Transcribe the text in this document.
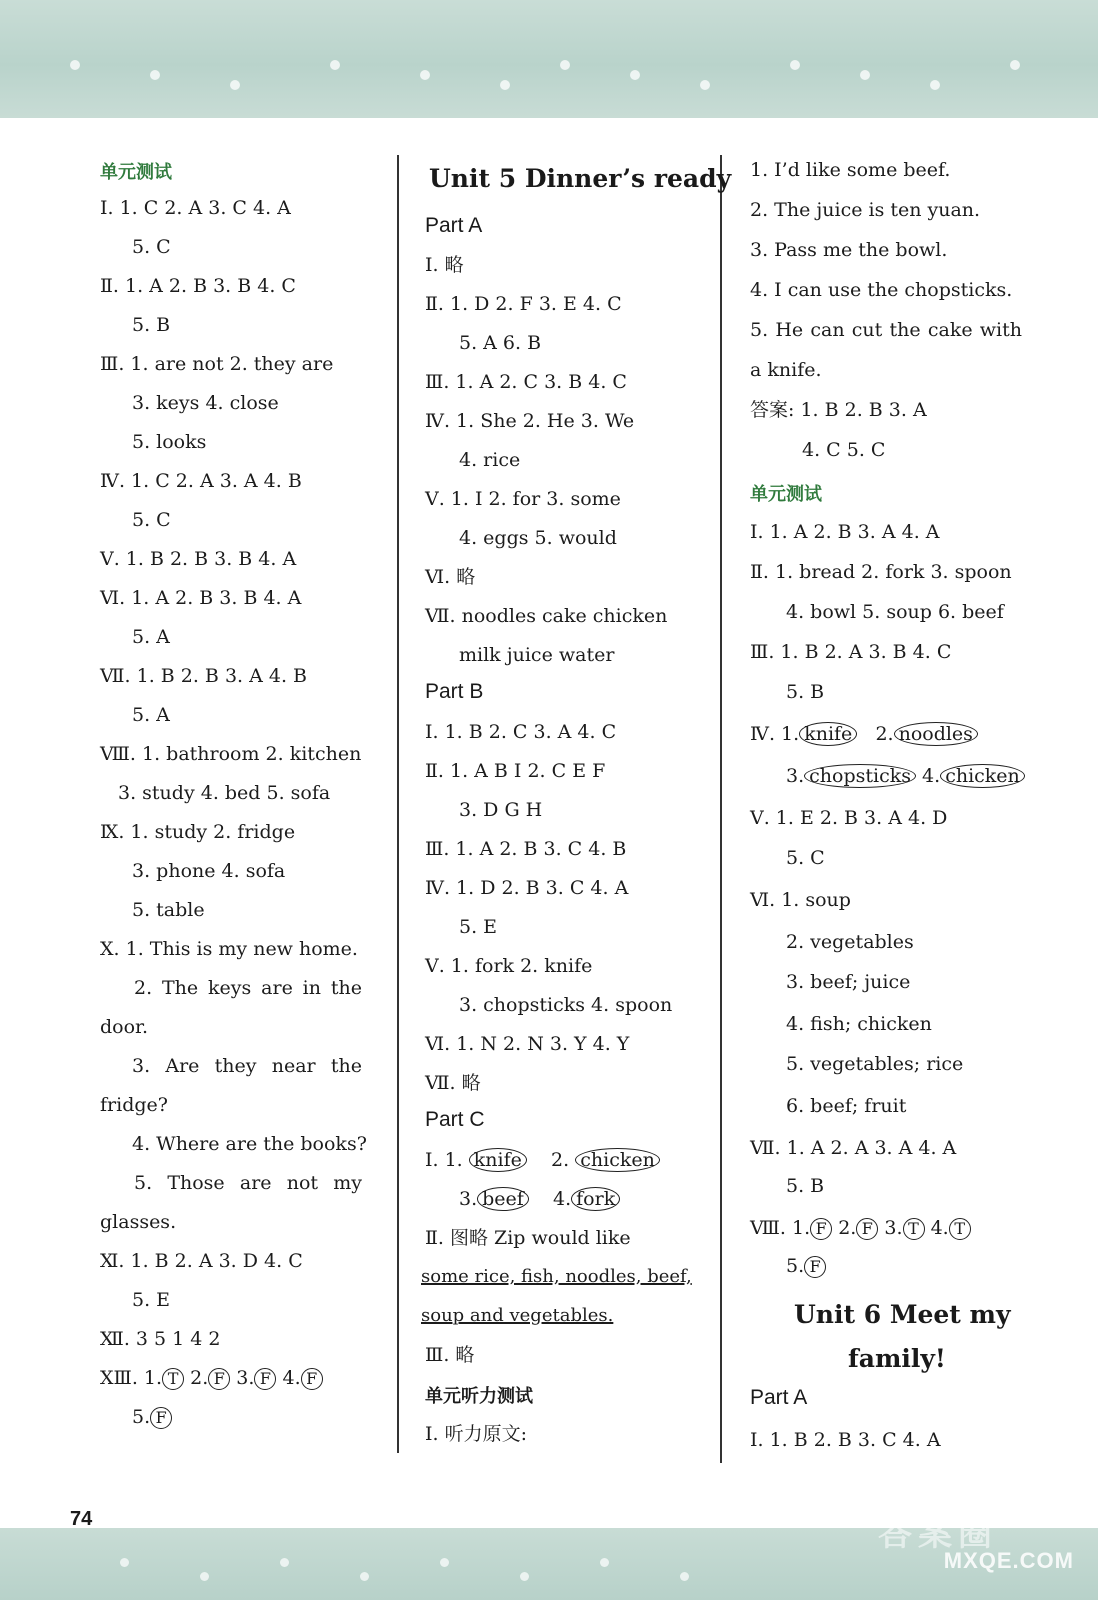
答案圈
MXQE.COM
74
单元测试
Ⅰ. 1. C 2. A 3. C 4. A
5. C
Ⅱ. 1. A 2. B 3. B 4. C
5. B
Ⅲ. 1. are not 2. they are
3. keys 4. close
5. looks
Ⅳ. 1. C 2. A 3. A 4. B
5. C
Ⅴ. 1. B 2. B 3. B 4. A
Ⅵ. 1. A 2. B 3. B 4. A
5. A
Ⅶ. 1. B 2. B 3. A 4. B
5. A
Ⅷ. 1. bathroom 2. kitchen
3. study 4. bed 5. sofa
Ⅸ. 1. study 2. fridge
3. phone 4. sofa
5. table
Ⅹ. 1. This is my new home.
2. The keys are in the
door.
3. Are they near the
fridge?
4. Where are the books?
5. Those are not my
glasses.
Ⅺ. 1. B 2. A 3. D 4. C
5. E
Ⅻ. 3 5 1 4 2
ⅩⅢ. 1. T 2. F 3. F 4. F
5. F
Unit 5 Dinner’s ready
Part A
Ⅰ. 略
Ⅱ. 1. D 2. F 3. E 4. C
5. A 6. B
Ⅲ. 1. A 2. C 3. B 4. C
Ⅳ. 1. She 2. He 3. We
4. rice
Ⅴ. 1. I 2. for 3. some
4. eggs 5. would
Ⅵ. 略
Ⅶ. noodles cake chicken
milk juice water
Part B
Ⅰ. 1. B 2. C 3. A 4. C
Ⅱ. 1. A B I 2. C E F
3. D G H
Ⅲ. 1. A 2. B 3. C 4. B
Ⅳ. 1. D 2. B 3. C 4. A
5. E
Ⅴ. 1. fork 2. knife
3. chopsticks 4. spoon
Ⅵ. 1. N 2. N 3. Y 4. Y
Ⅶ. 略
Part C
Ⅰ. 1. knife 2. chicken
3. beef 4. fork
Ⅱ. 图略 Zip would like
some rice, fish, noodles, beef,
soup and vegetables.
Ⅲ. 略
单元听力测试
Ⅰ. 听力原文:
1. I’d like some beef.
2. The juice is ten yuan.
3. Pass me the bowl.
4. I can use the chopsticks.
5. He can cut the cake with
a knife.
答案: 1. B 2. B 3. A
4. C 5. C
单元测试
Ⅰ. 1. A 2. B 3. A 4. A
Ⅱ. 1. bread 2. fork 3. spoon
4. bowl 5. soup 6. beef
Ⅲ. 1. B 2. A 3. B 4. C
5. B
Ⅳ. 1. knife 2. noodles
3. chopsticks 4. chicken
Ⅴ. 1. E 2. B 3. A 4. D
5. C
Ⅵ. 1. soup
2. vegetables
3. beef; juice
4. fish; chicken
5. vegetables; rice
6. beef; fruit
Ⅶ. 1. A 2. A 3. A 4. A
5. B
Ⅷ. 1. F 2. F 3. T 4. T
5. F
Unit 6 Meet my
family!
Part A
Ⅰ. 1. B 2. B 3. C 4. A
